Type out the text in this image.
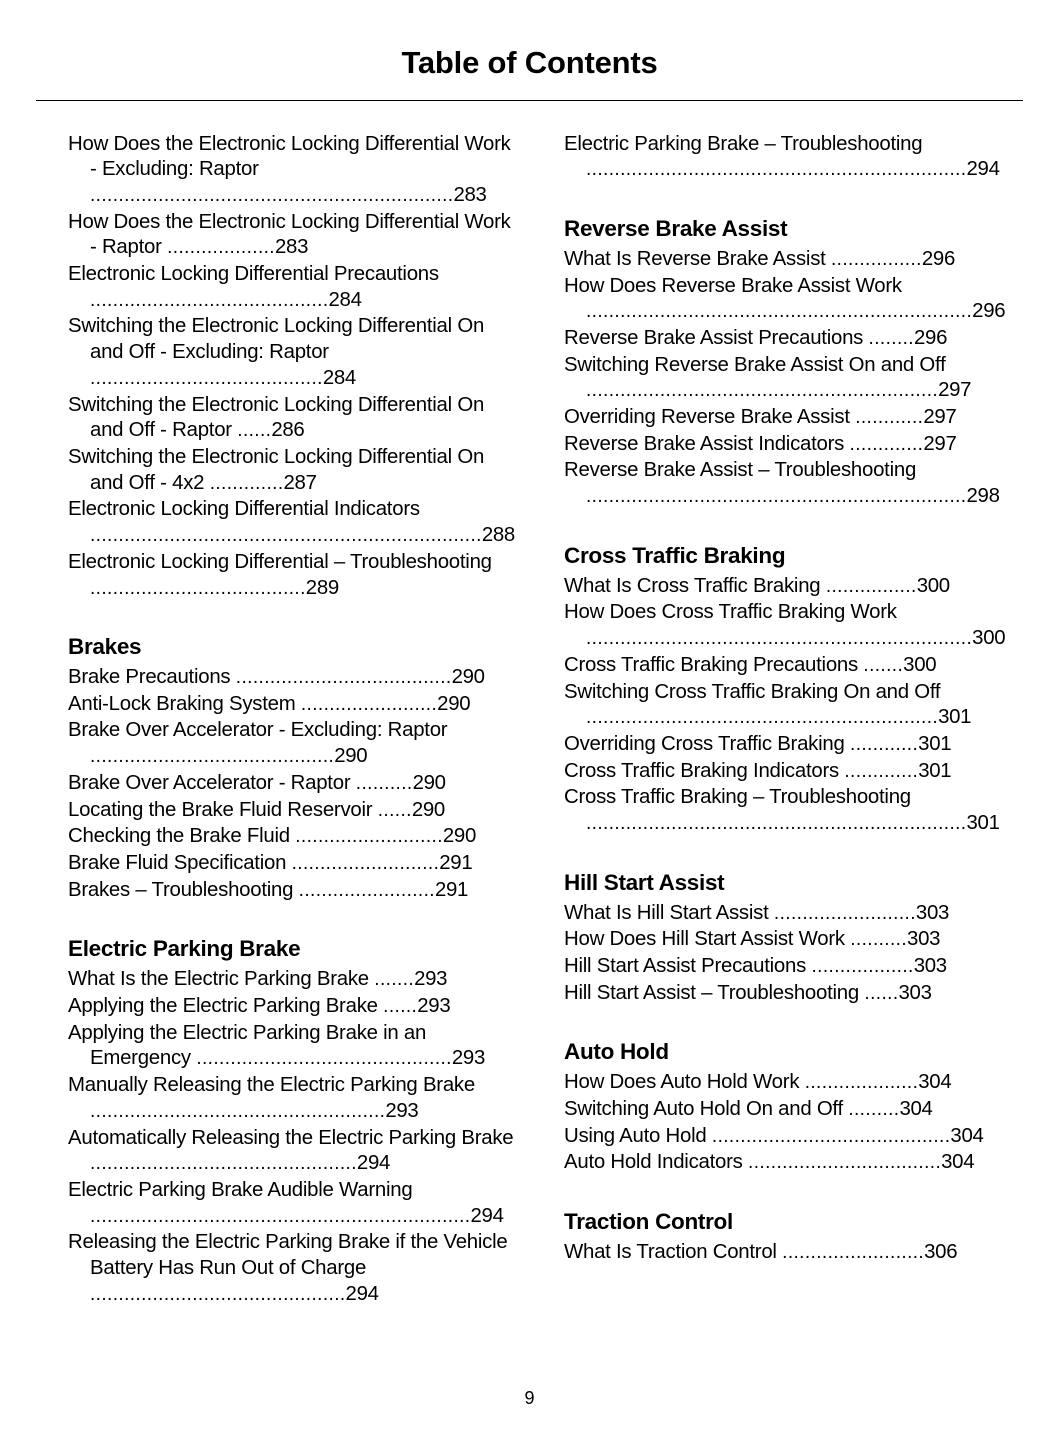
Table of Contents
How Does the Electronic Locking Differential Work - Excluding: Raptor ................................................................283
How Does the Electronic Locking Differential Work - Raptor ...................283
Electronic Locking Differential Precautions ..........................................284
Switching the Electronic Locking Differential On and Off - Excluding: Raptor .........................................284
Switching the Electronic Locking Differential On and Off - Raptor ......286
Switching the Electronic Locking Differential On and Off - 4x2 .............287
Electronic Locking Differential Indicators .....................................................................288
Electronic Locking Differential – Troubleshooting ......................................289
Brakes
Brake Precautions ......................................290
Anti-Lock Braking System ........................290
Brake Over Accelerator - Excluding: Raptor ...........................................290
Brake Over Accelerator - Raptor ..........290
Locating the Brake Fluid Reservoir ......290
Checking the Brake Fluid ..........................290
Brake Fluid Specification ..........................291
Brakes – Troubleshooting ........................291
Electric Parking Brake
What Is the Electric Parking Brake .......293
Applying the Electric Parking Brake ......293
Applying the Electric Parking Brake in an Emergency .............................................293
Manually Releasing the Electric Parking Brake ....................................................293
Automatically Releasing the Electric Parking Brake ...............................................294
Electric Parking Brake Audible Warning ...................................................................294
Releasing the Electric Parking Brake if the Vehicle Battery Has Run Out of Charge .............................................294
Electric Parking Brake – Troubleshooting ...................................................................294
Reverse Brake Assist
What Is Reverse Brake Assist ................296
How Does Reverse Brake Assist Work ....................................................................296
Reverse Brake Assist Precautions ........296
Switching Reverse Brake Assist On and Off ..............................................................297
Overriding Reverse Brake Assist ............297
Reverse Brake Assist Indicators .............297
Reverse Brake Assist – Troubleshooting ...................................................................298
Cross Traffic Braking
What Is Cross Traffic Braking ................300
How Does Cross Traffic Braking Work ....................................................................300
Cross Traffic Braking Precautions .......300
Switching Cross Traffic Braking On and Off ..............................................................301
Overriding Cross Traffic Braking ............301
Cross Traffic Braking Indicators .............301
Cross Traffic Braking – Troubleshooting ...................................................................301
Hill Start Assist
What Is Hill Start Assist .........................303
How Does Hill Start Assist Work ..........303
Hill Start Assist Precautions ..................303
Hill Start Assist – Troubleshooting ......303
Auto Hold
How Does Auto Hold Work ....................304
Switching Auto Hold On and Off .........304
Using Auto Hold ..........................................304
Auto Hold Indicators ..................................304
Traction Control
What Is Traction Control .........................306
9
